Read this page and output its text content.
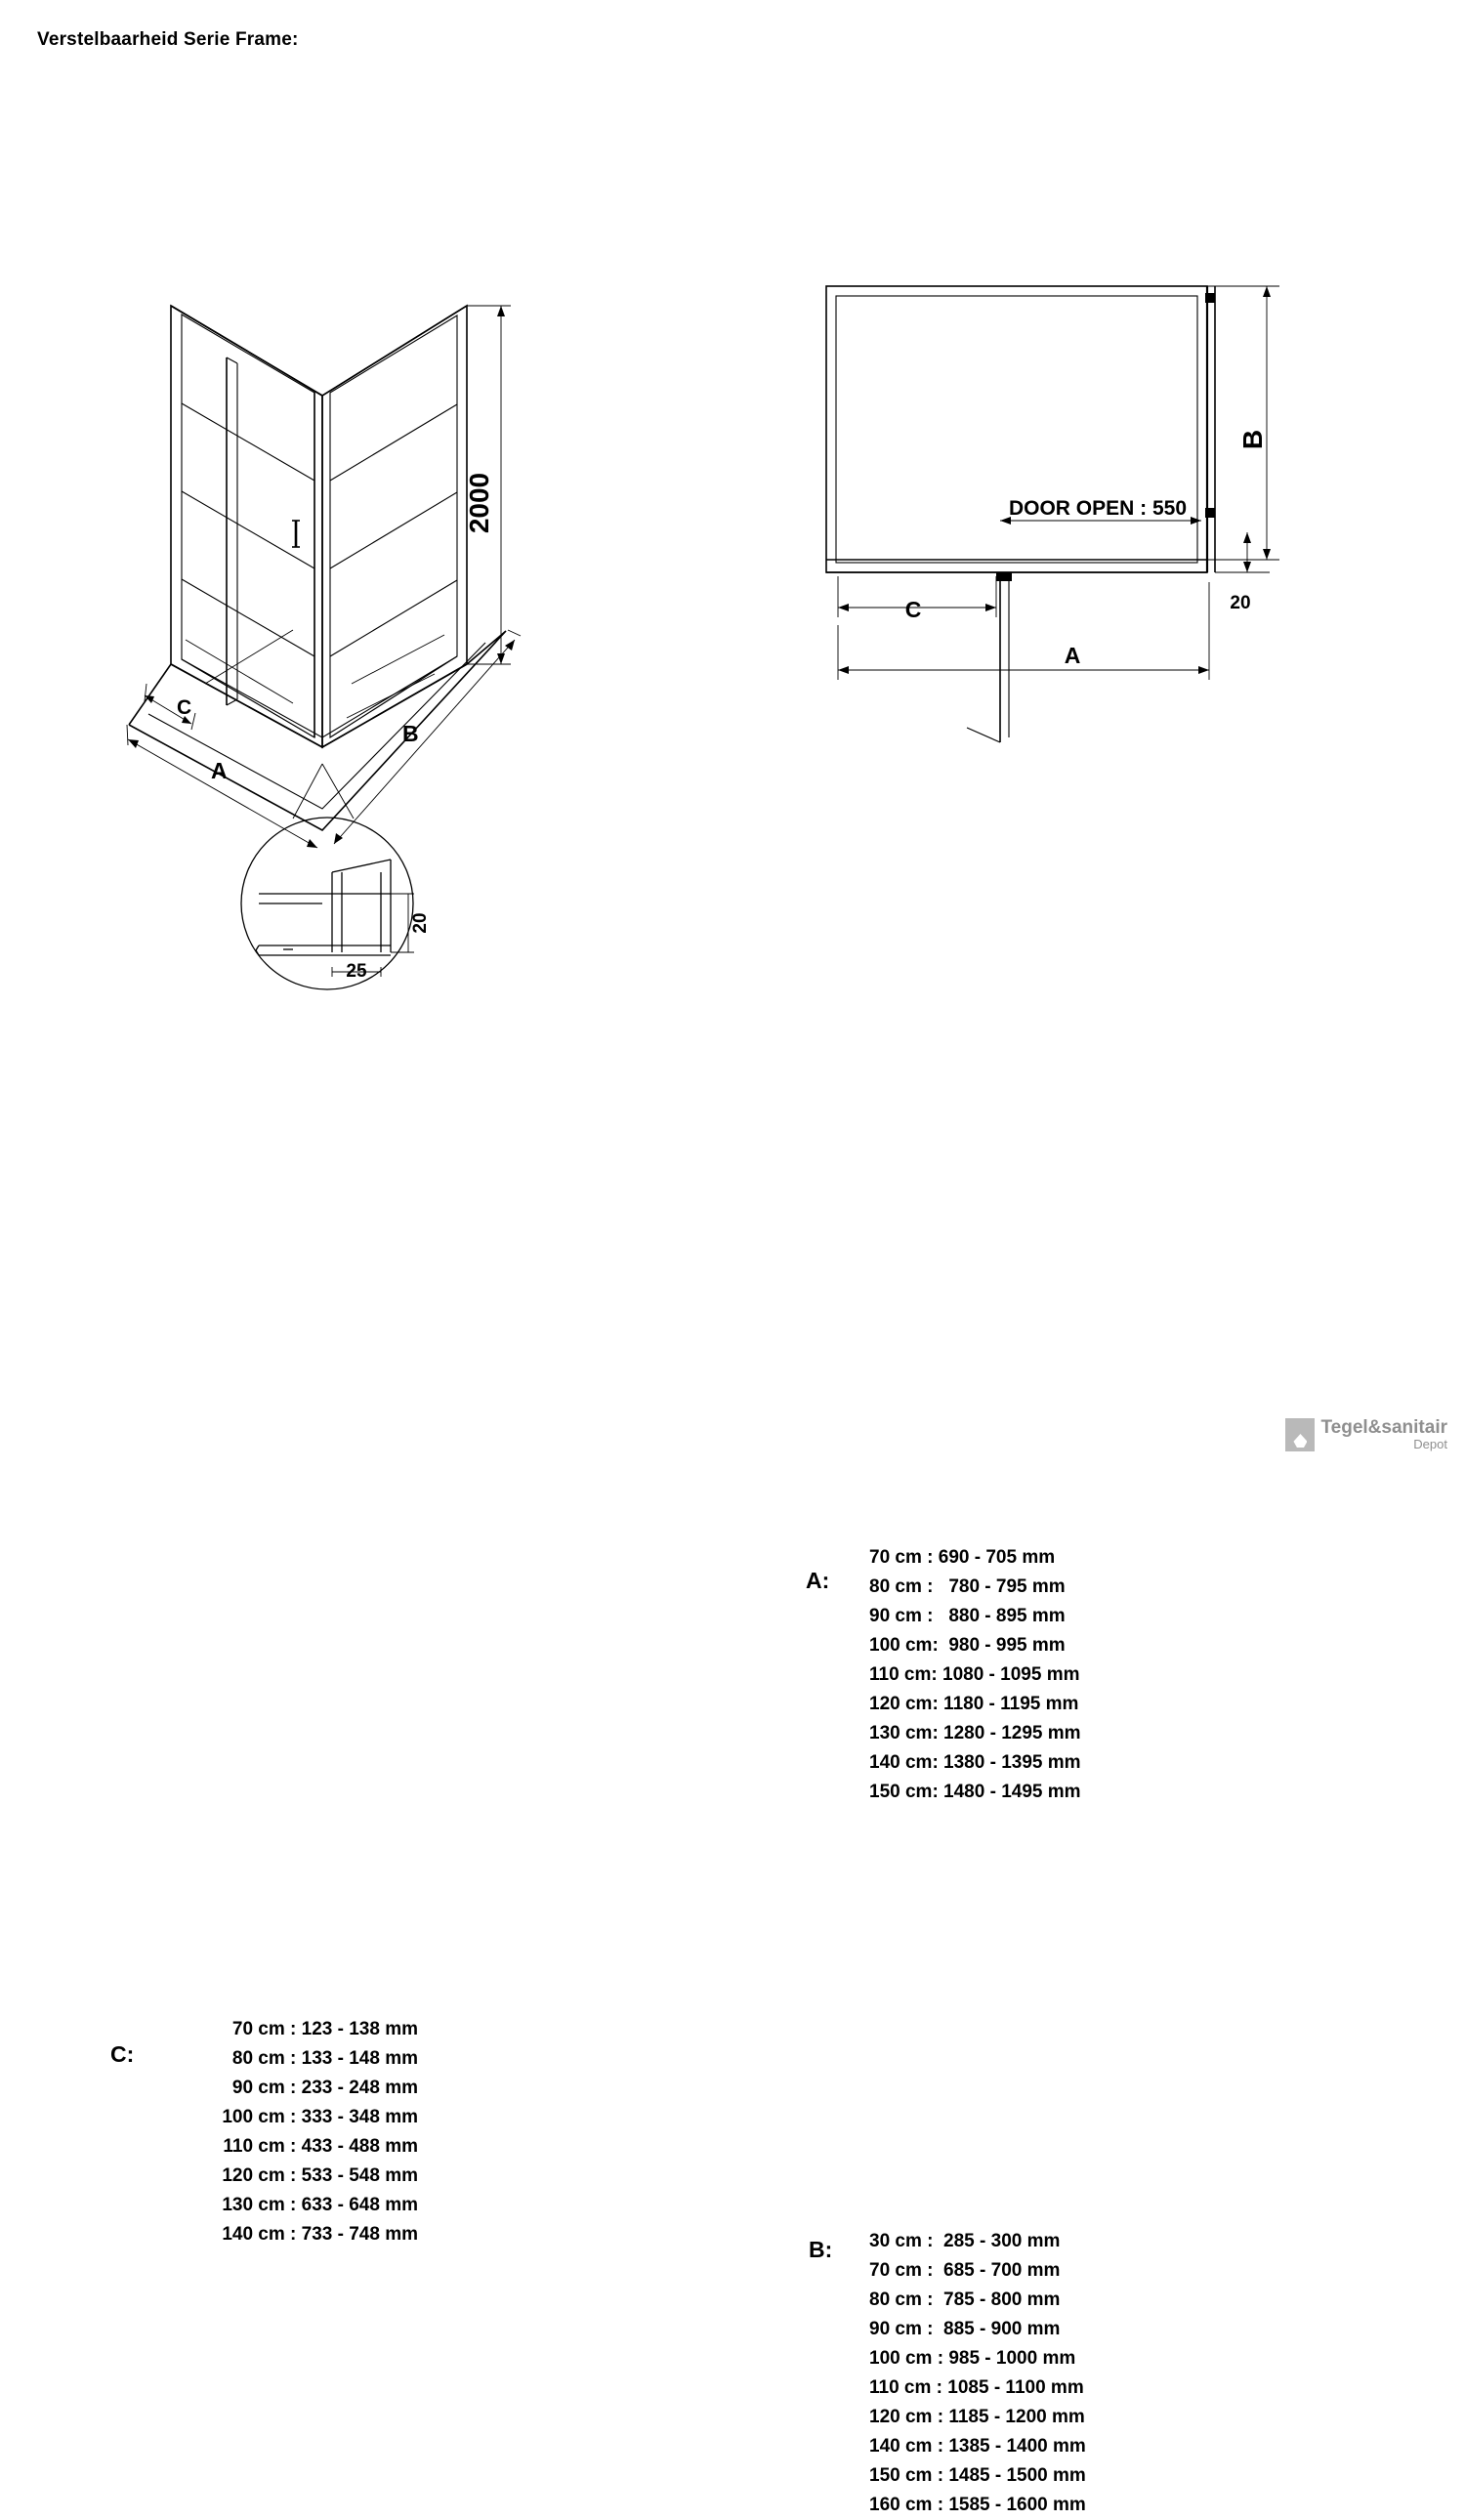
Verstelbaarheid Serie Frame:
2000
C
A
B
25
20
B
DOOR OPEN : 550
C
A
20
C:
70 cm : 123 - 138 mm
80 cm : 133 - 148 mm
90 cm : 233 - 248 mm
100 cm : 333 - 348 mm
110 cm : 433 - 488 mm
120 cm : 533 - 548 mm
130 cm : 633 - 648 mm
140 cm : 733 - 748 mm
A:
70 cm : 690 - 705 mm
80 cm :   780 - 795 mm
90 cm :   880 - 895 mm
100 cm:  980 - 995 mm
110 cm: 1080 - 1095 mm
120 cm: 1180 - 1195 mm
130 cm: 1280 - 1295 mm
140 cm: 1380 - 1395 mm
150 cm: 1480 - 1495 mm
B: 30 cm :  285 - 300 mm
70 cm :  685 - 700 mm
80 cm :  785 - 800 mm
90 cm :  885 - 900 mm
100 cm : 985 - 1000 mm
110 cm : 1085 - 1100 mm
120 cm : 1185 - 1200 mm
140 cm : 1385 - 1400 mm
150 cm : 1485 - 1500 mm
160 cm : 1585 - 1600 mm
Tegel&sanitair
Depot
